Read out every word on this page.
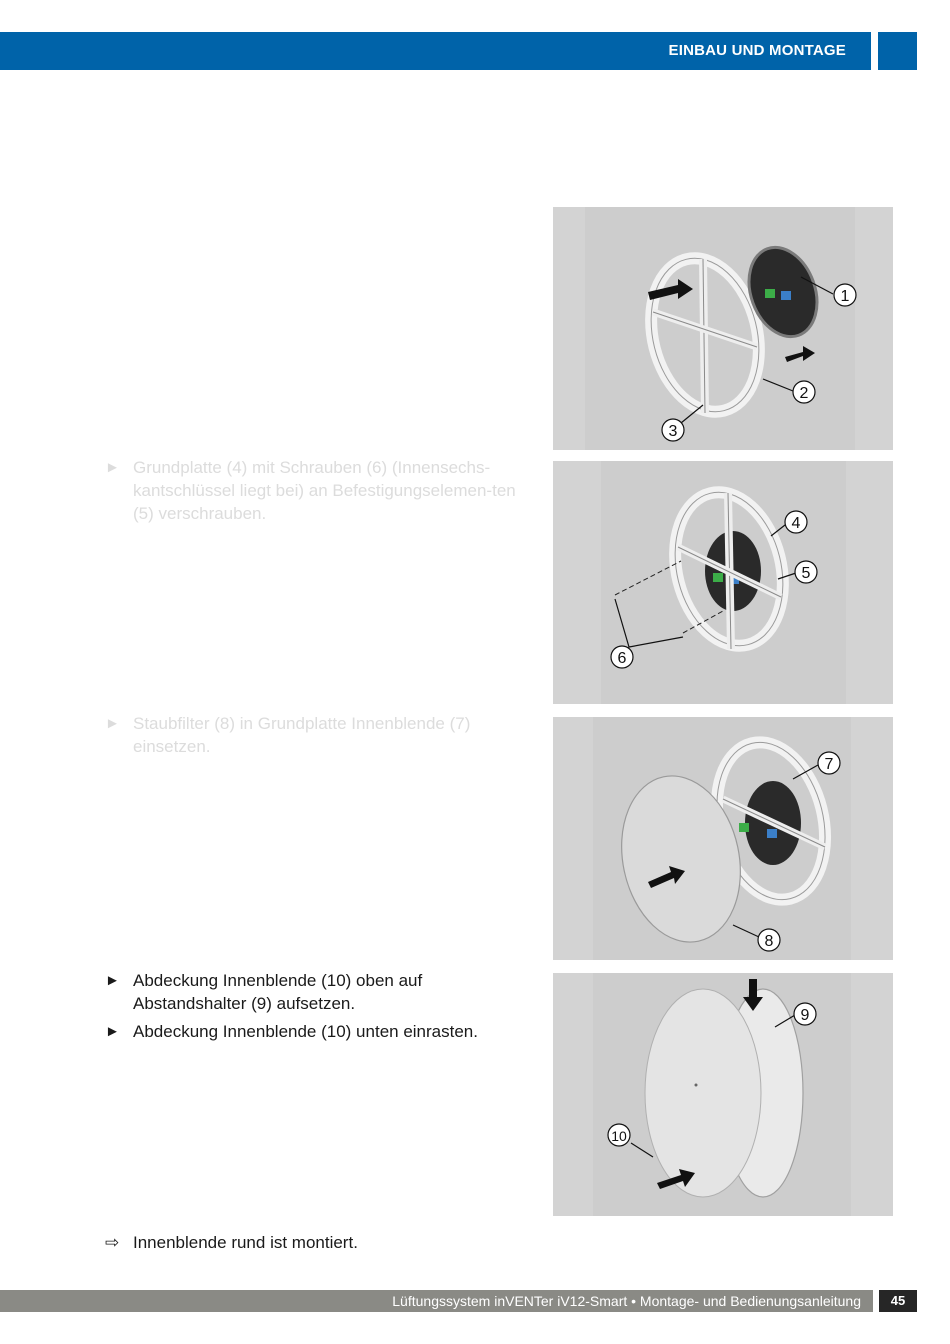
EINBAU UND MONTAGE
► Grundplatte (4) mit Schrauben (6) (Innensechs-kantschlüssel liegt bei) an Befestigungselemen-ten (5) verschrauben.
► Staubfilter (8) in Grundplatte Innenblende (7) einsetzen.
► Abdeckung Innenblende (10) oben auf Abstandshalter (9) aufsetzen.
► Abdeckung Innenblende (10) unten einrasten.
⇨ Innenblende rund ist montiert.
1
2
3
4
5
6
7
8
9
10
Lüftungssystem inVENTer iV12-Smart • Montage- und Bedienungsanleitung	45
